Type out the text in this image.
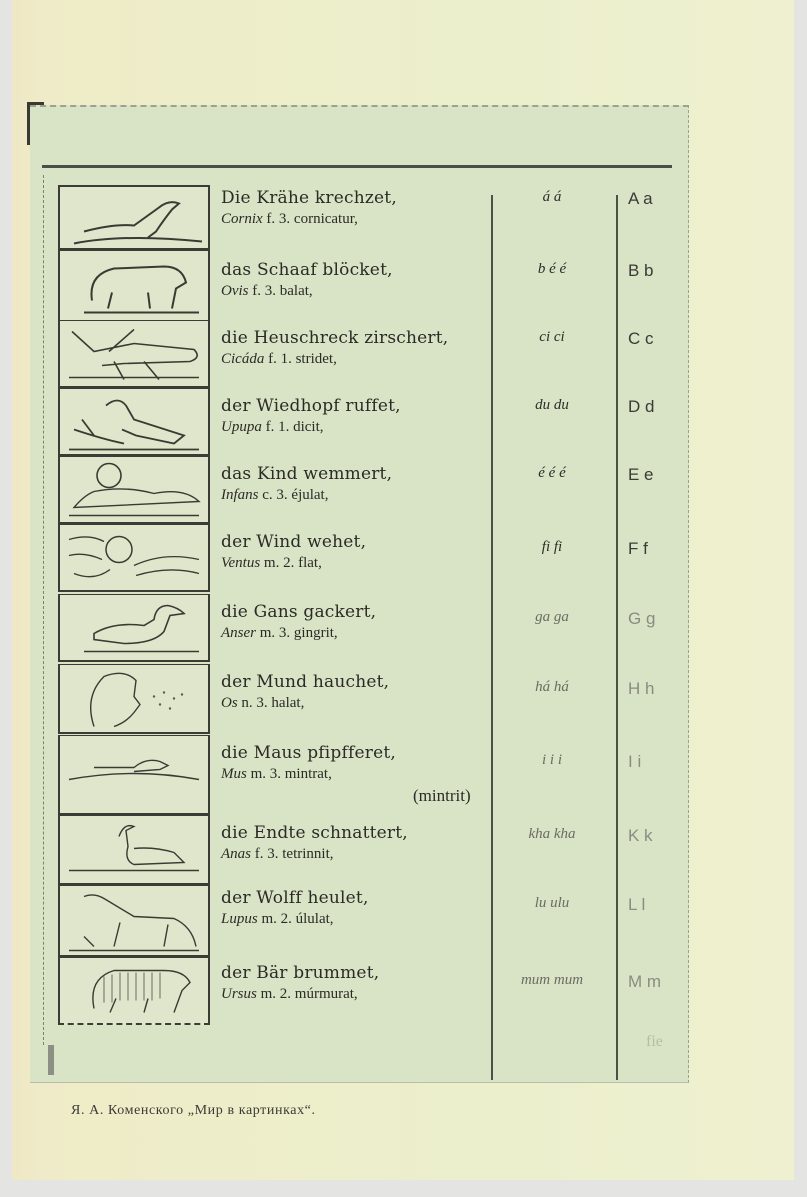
Die Krähe krechzet,
Cornix f. 3. cornicatur,
á á	A a
das Schaaf blöcket,
Ovis f. 3. balat,
b é é	B b
die Heuschreck zirschert,
Cicáda f. 1. stridet,
ci ci	C c
der Wiedhopf ruffet,
Upupa f. 1. dicit,
du du	D d
das Kind wemmert,
Infans c. 3. éjulat,
é é é	E e
der Wind wehet,
Ventus m. 2. flat,
fi fi	F f
die Gans gackert,
Anser m. 3. gingrit,
ga ga	G g
der Mund hauchet,
Os n. 3. halat,
há há	H h
die Maus pfipfferet,
Mus m. 3. mintrat,
(mintrit)
i i i	I i
die Endte schnattert,
Anas f. 3. tetrinnit,
kha kha	K k
der Wolff heulet,
Lupus m. 2. úlulat,
lu ulu	L l
der Bär brummet,
Ursus m. 2. múrmurat,
mum mum	M m
fie
Я. А. Коменского „Мир в картинках“.
